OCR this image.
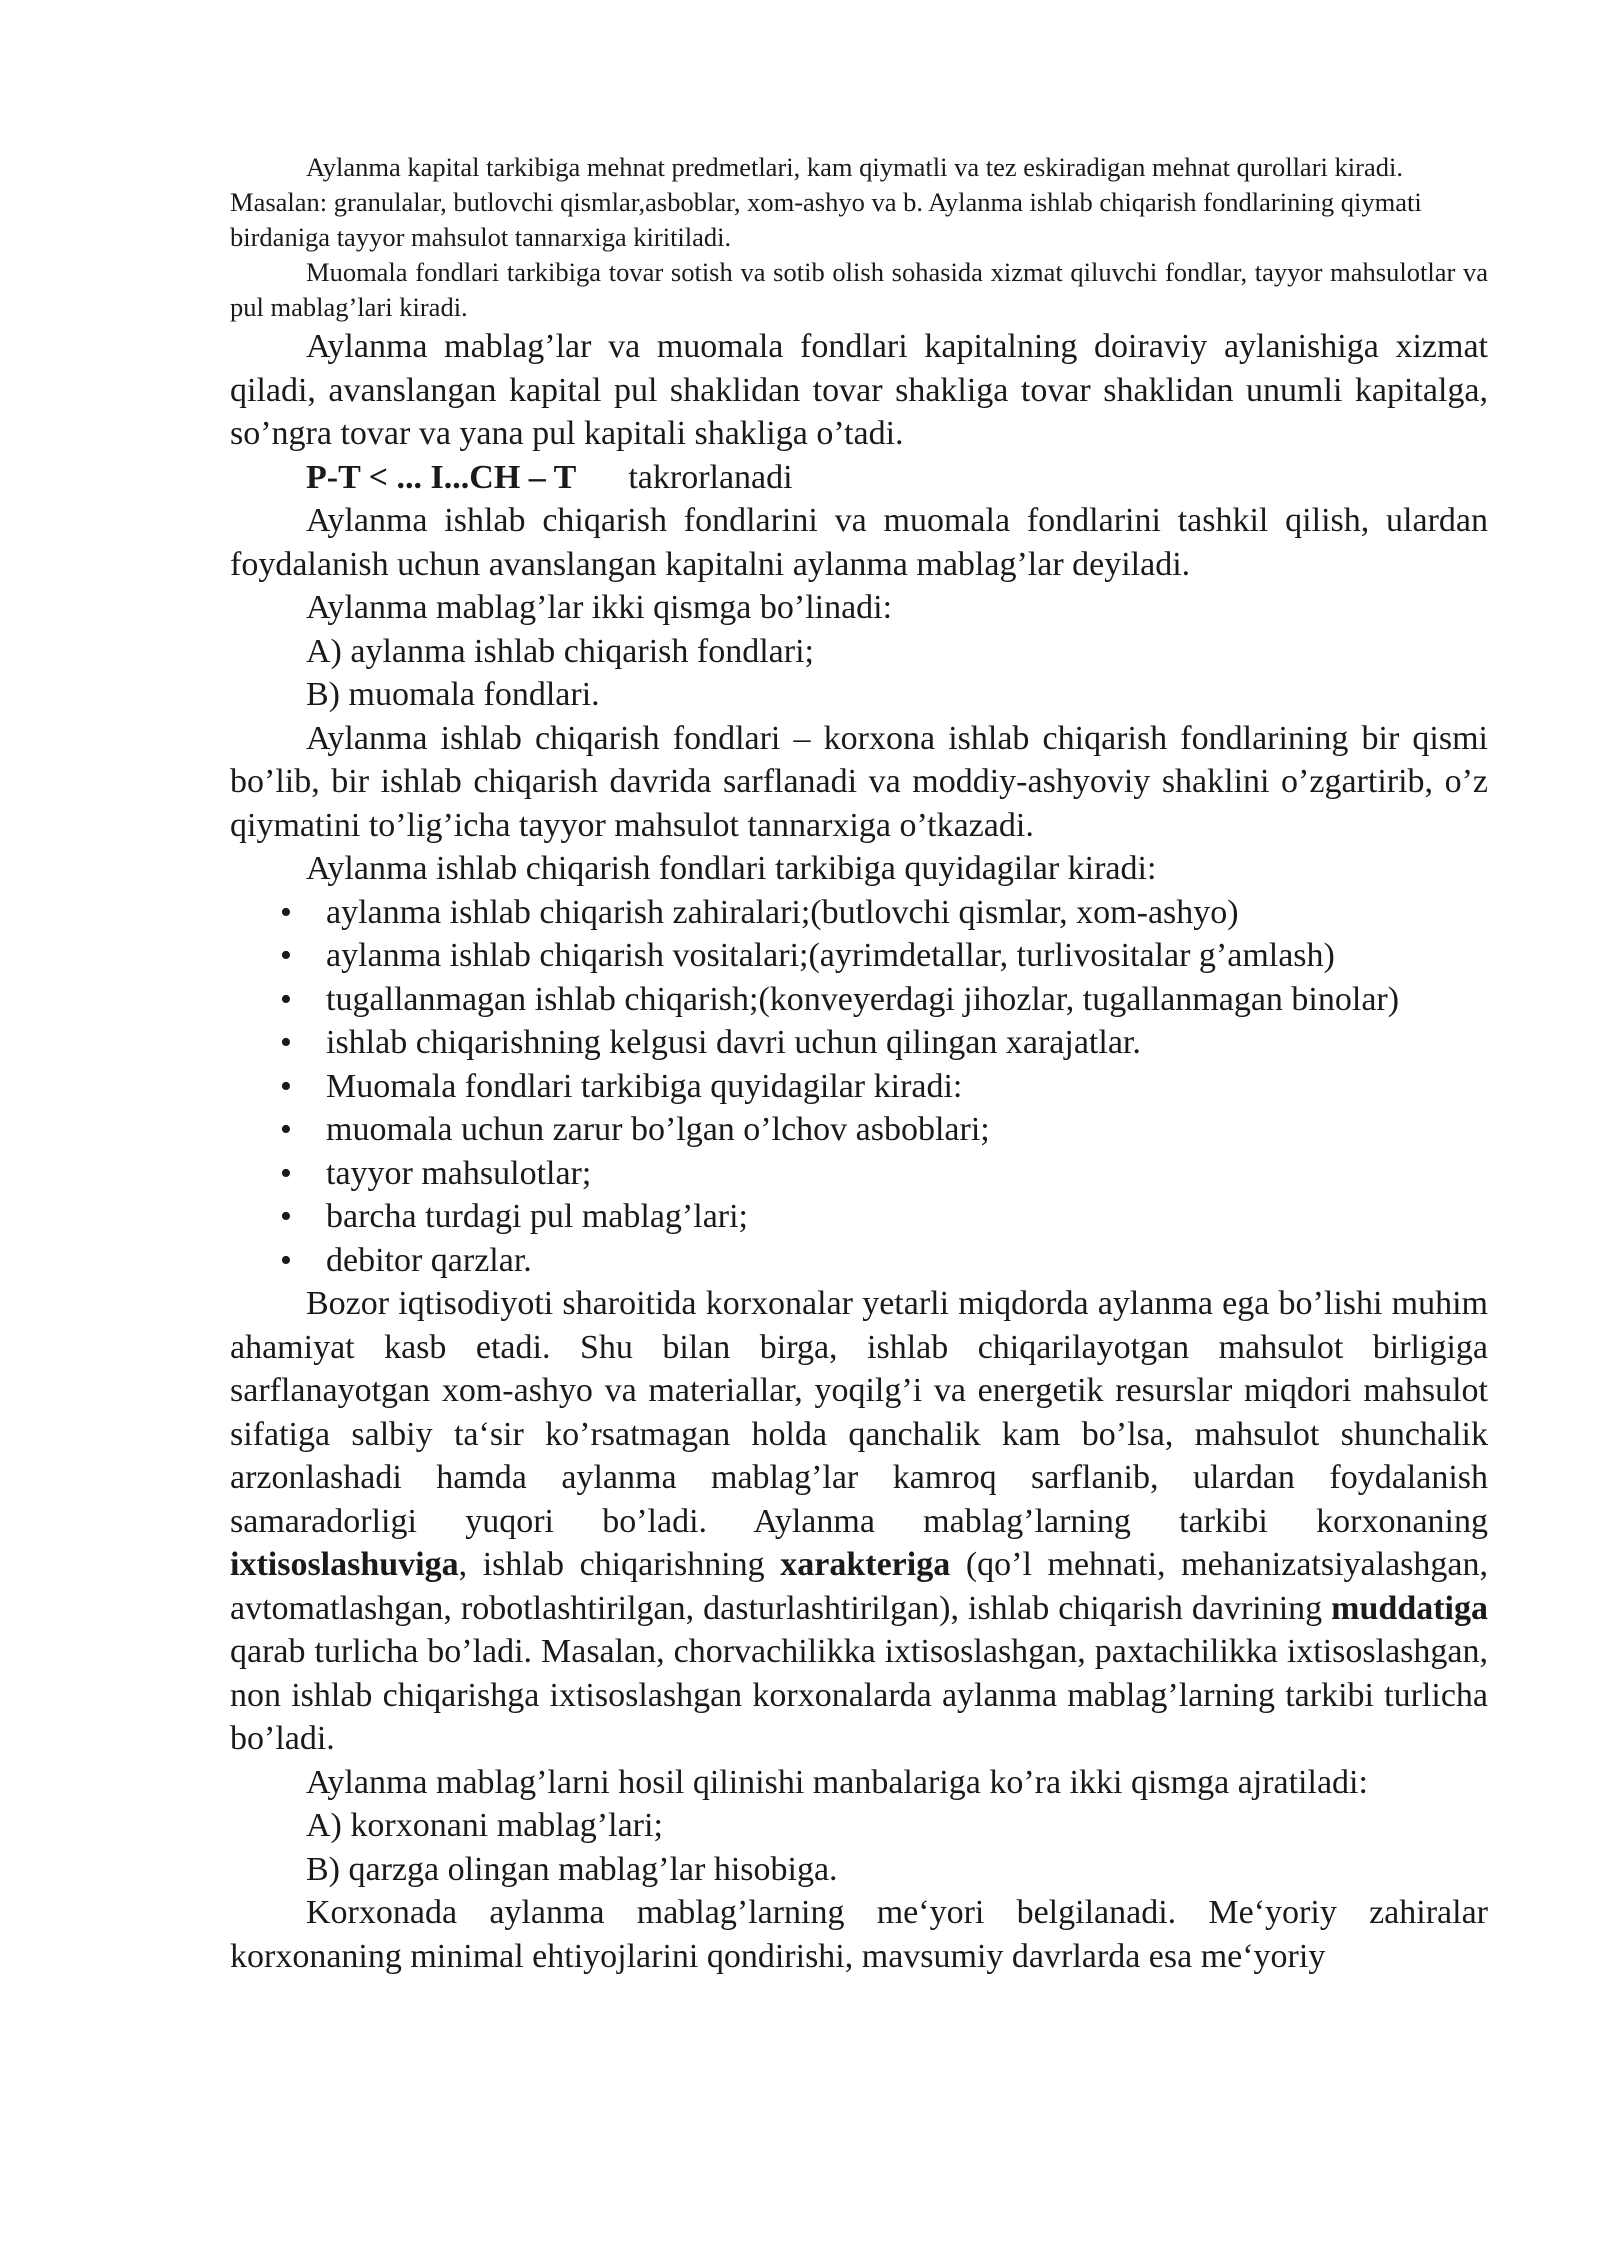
Aylanma kapital tarkibiga mehnat predmetlari, kam qiymatli va tez eskiradigan mehnat qurollari kiradi. Masalan: granulalar, butlovchi qismlar,asboblar, xom-ashyo va b. Aylanma ishlab chiqarish fondlarining qiymati birdaniga tayyor mahsulot tannarxiga kiritiladi.

Muomala fondlari tarkibiga tovar sotish va sotib olish sohasida xizmat qiluvchi fondlar, tayyor mahsulotlar va pul mablag’lari kiradi.

Aylanma mablag’lar va muomala fondlari kapitalning doiraviy aylanishiga xizmat qiladi, avanslangan kapital pul shaklidan tovar shakliga tovar shaklidan unumli kapitalga, so’ngra tovar va yana pul kapitali shakliga o’tadi.

P-T < ... I...CH – T takrorlanadi

Aylanma ishlab chiqarish fondlarini va muomala fondlarini tashkil qilish, ulardan foydalanish uchun avanslangan kapitalni aylanma mablag’lar deyiladi.

Aylanma mablag’lar ikki qismga bo’linadi:

A) aylanma ishlab chiqarish fondlari;

B) muomala fondlari.

Aylanma ishlab chiqarish fondlari – korxona ishlab chiqarish fondlarining bir qismi bo’lib, bir ishlab chiqarish davrida sarflanadi va moddiy-ashyoviy shaklini o’zgartirib, o’z qiymatini to’lig’icha tayyor mahsulot tannarxiga o’tkazadi.

Aylanma ishlab chiqarish fondlari tarkibiga quyidagilar kiradi:

• aylanma ishlab chiqarish zahiralari;(butlovchi qismlar, xom-ashyo)
• aylanma ishlab chiqarish vositalari;(ayrimdetallar, turlivositalar g’amlash)
• tugallanmagan ishlab chiqarish;(konveyerdagi jihozlar, tugallanmagan binolar)
• ishlab chiqarishning kelgusi davri uchun qilingan xarajatlar.
• Muomala fondlari tarkibiga quyidagilar kiradi:
• muomala uchun zarur bo’lgan o’lchov asboblari;
• tayyor mahsulotlar;
• barcha turdagi pul mablag’lari;
• debitor qarzlar.

Bozor iqtisodiyoti sharoitida korxonalar yetarli miqdorda aylanma ega bo’lishi muhim ahamiyat kasb etadi. Shu bilan birga, ishlab chiqarilayotgan mahsulot birligiga sarflanayotgan xom-ashyo va materiallar, yoqilg’i va energetik resurslar miqdori mahsulot sifatiga salbiy ta‘sir ko’rsatmagan holda qanchalik kam bo’lsa, mahsulot shunchalik arzonlashadi hamda aylanma mablag’lar kamroq sarflanib, ulardan foydalanish samaradorligi yuqori bo’ladi. Aylanma mablag’larning tarkibi korxonaning ixtisoslashuviga, ishlab chiqarishning xarakteriga (qo’l mehnati, mehanizatsiyalashgan, avtomatlashgan, robotlashtirilgan, dasturlashtirilgan), ishlab chiqarish davrining muddatiga qarab turlicha bo’ladi. Masalan, chorvachilikka ixtisoslashgan, paxtachilikka ixtisoslashgan, non ishlab chiqarishga ixtisoslashgan korxonalarda aylanma mablag’larning tarkibi turlicha bo’ladi.

Aylanma mablag’larni hosil qilinishi manbalariga ko’ra ikki qismga ajratiladi:

A) korxonani mablag’lari;

B) qarzga olingan mablag’lar hisobiga.

Korxonada aylanma mablag’larning me‘yori belgilanadi. Me‘yoriy zahiralar korxonaning minimal ehtiyojlarini qondirishi, mavsumiy davrlarda esa me‘yoriy
